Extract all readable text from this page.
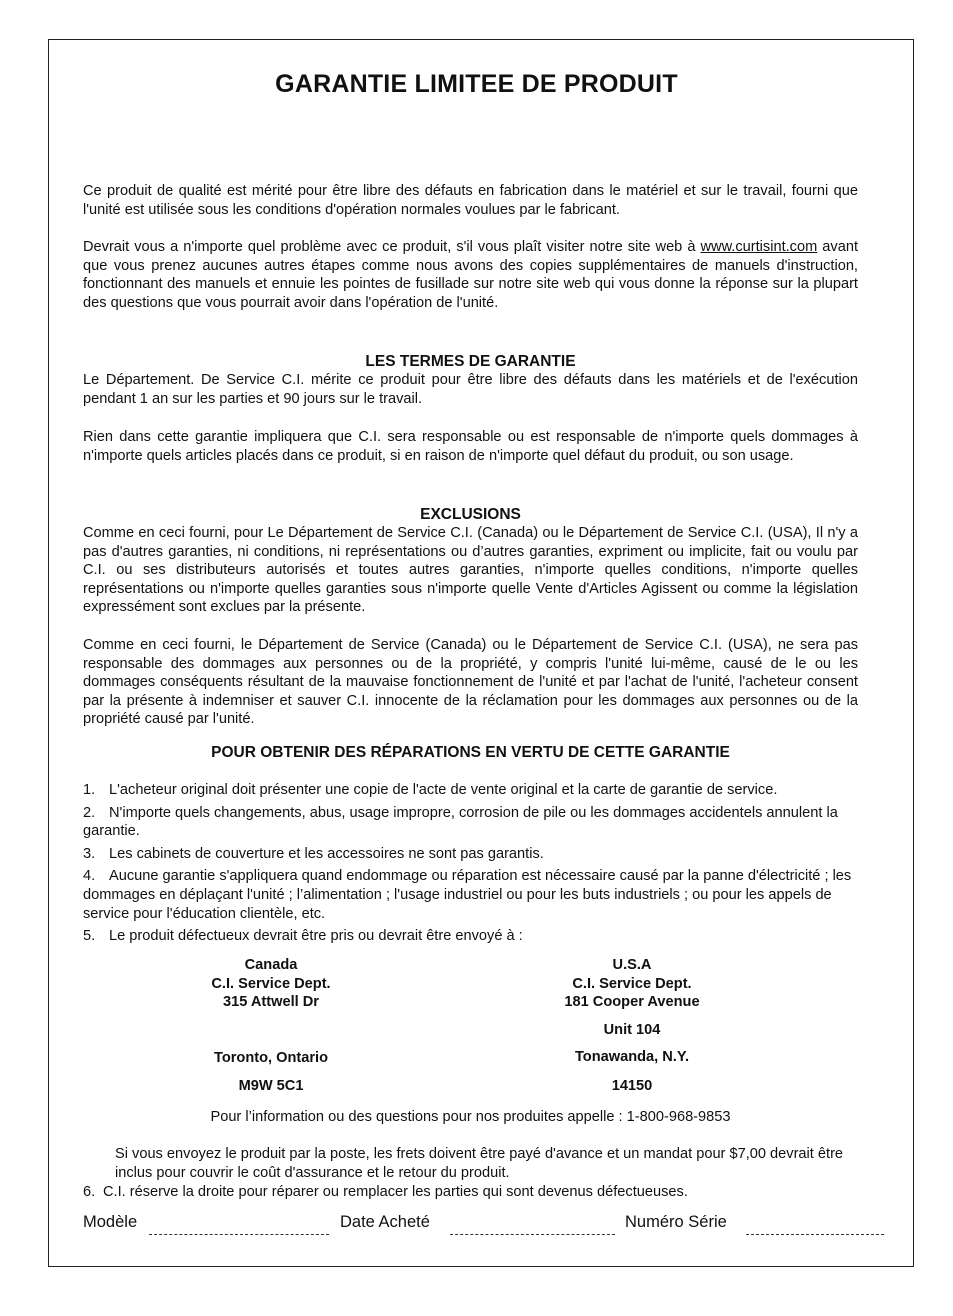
GARANTIE LIMITEE DE PRODUIT

Ce produit de qualité est mérité pour être libre des défauts en fabrication dans le matériel et sur le travail, fourni que l'unité est utilisée sous les conditions d'opération normales voulues par le fabricant.

Devrait vous a n'importe quel problème avec ce produit, s'il vous plaît visiter notre site web à www.curtisint.com avant que vous prenez aucunes autres étapes comme nous avons des copies supplémentaires de manuels d'instruction, fonctionnant des manuels et ennuie les pointes de fusillade sur notre site web qui vous donne la réponse sur la plupart des questions que vous pourrait avoir dans l'opération de l'unité.

LES TERMES DE GARANTIE

Le Département. De Service C.I. mérite ce produit pour être libre des défauts dans les matériels et de l'exécution pendant 1 an sur les parties et 90 jours sur le travail.

Rien dans cette garantie impliquera que C.I. sera responsable ou est responsable de n'importe quels dommages à n'importe quels articles placés dans ce produit, si en raison de n'importe quel défaut du produit, ou son usage.

EXCLUSIONS

Comme en ceci fourni, pour Le Département de Service C.I. (Canada) ou le Département de Service C.I. (USA), Il n'y a pas d'autres garanties, ni conditions, ni représentations ou d’autres garanties, expriment ou implicite, fait ou voulu par C.I. ou ses distributeurs autorisés et toutes autres garanties, n'importe quelles conditions, n'importe quelles représentations ou n'importe quelles garanties sous n'importe quelle Vente d'Articles Agissent ou comme la législation expressément sont exclues par la présente.

Comme en ceci fourni, le Département de Service (Canada) ou le Département de Service C.I. (USA), ne sera pas responsable des dommages aux personnes ou de la propriété, y compris l'unité lui-même, causé de le ou les dommages conséquents résultant de la mauvaise fonctionnement de l'unité et par l'achat de l'unité, l'acheteur consent par la présente à indemniser et sauver C.I. innocente de la réclamation pour les dommages aux personnes ou de la propriété causé par l'unité.

POUR OBTENIR DES RÉPARATIONS EN VERTU DE CETTE GARANTIE

1. L'acheteur original doit présenter une copie de l'acte de vente original et la carte de garantie de service.
2. N'importe quels changements, abus, usage impropre, corrosion de pile ou les dommages accidentels annulent la garantie.
3. Les cabinets de couverture et les accessoires ne sont pas garantis.
4. Aucune garantie s'appliquera quand endommage ou réparation est nécessaire causé par la panne d'électricité ; les dommages en déplaçant l'unité ; l’alimentation ; l'usage industriel ou pour les buts industriels ; ou pour les appels de service pour l'éducation clientèle, etc.
5. Le produit défectueux devrait être pris ou devrait être envoyé à :
Canada
C.I. Service Dept.
315 Attwell Dr
Toronto, Ontario
M9W 5C1
U.S.A
C.I. Service Dept.
181 Cooper Avenue
Unit 104
Tonawanda, N.Y.
14150
Pour l’information ou des questions pour nos produites appelle : 1-800-968-9853

Si vous envoyez le produit par la poste, les frets doivent être payé d'avance et un mandat pour $7,00 devrait être inclus pour couvrir le coût d'assurance et le retour du produit.

6. C.I. réserve la droite pour réparer ou remplacer les parties qui sont devenus défectueuses.
Modèle	Date Acheté	Numéro Série
